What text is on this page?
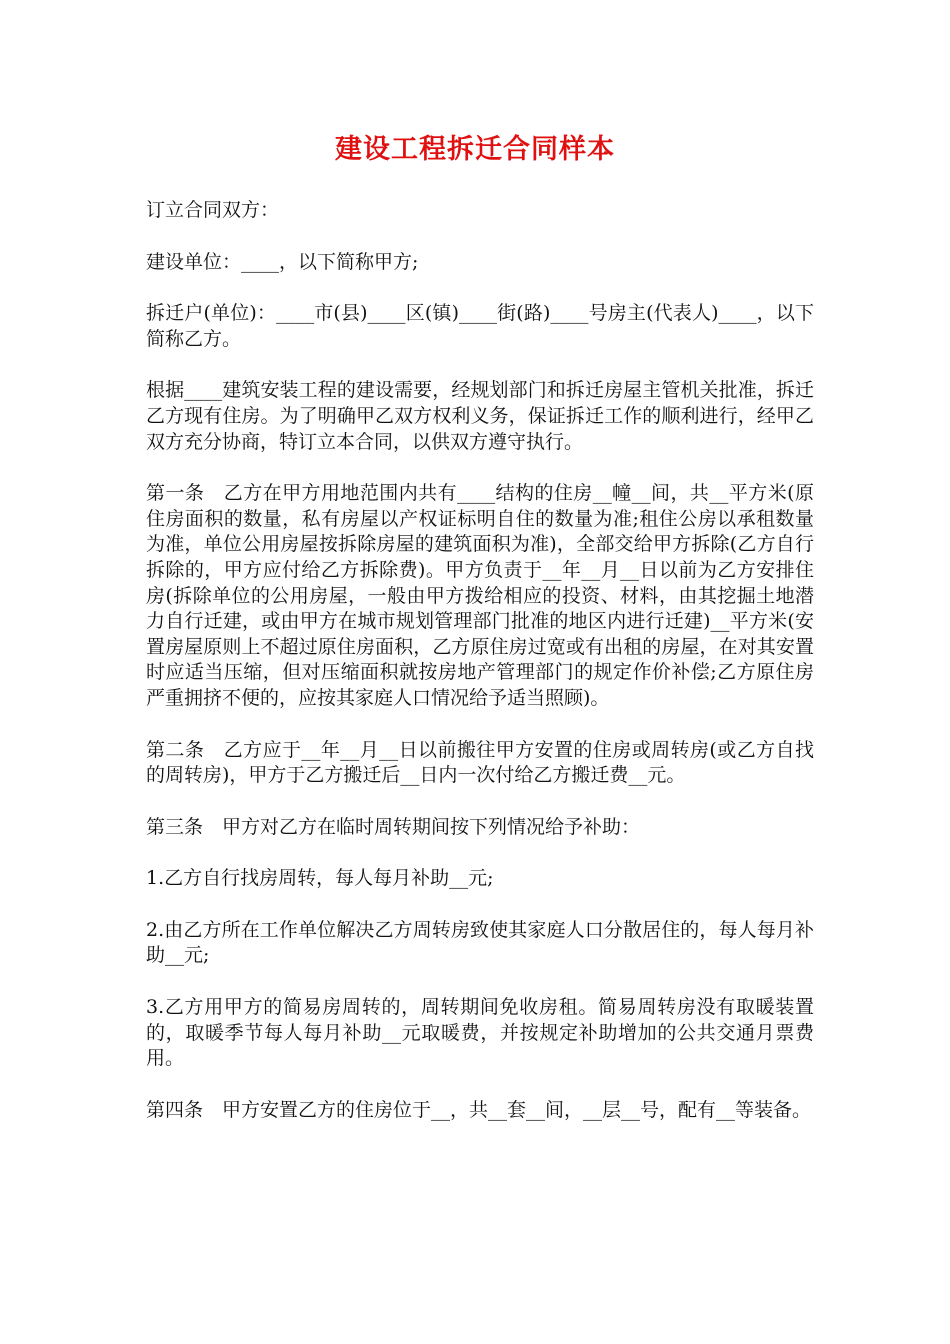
建设工程拆迁合同样本

订立合同双方：

建设单位：____，以下简称甲方;

拆迁户(单位)：____市(县)____区(镇)____街(路)____号房主(代表人)____，以下简称乙方。

根据____建筑安装工程的建设需要，经规划部门和拆迁房屋主管机关批准，拆迁乙方现有住房。为了明确甲乙双方权利义务，保证拆迁工作的顺利进行，经甲乙双方充分协商，特订立本合同，以供双方遵守执行。

第一条　乙方在甲方用地范围内共有____结构的住房__幢__间，共__平方米(原住房面积的数量，私有房屋以产权证标明自住的数量为准;租住公房以承租数量为准，单位公用房屋按拆除房屋的建筑面积为准)，全部交给甲方拆除(乙方自行拆除的，甲方应付给乙方拆除费)。甲方负责于__年__月__日以前为乙方安排住房(拆除单位的公用房屋，一般由甲方拨给相应的投资、材料，由其挖掘土地潜力自行迁建，或由甲方在城市规划管理部门批准的地区内进行迁建)__平方米(安置房屋原则上不超过原住房面积，乙方原住房过宽或有出租的房屋，在对其安置时应适当压缩，但对压缩面积就按房地产管理部门的规定作价补偿;乙方原住房严重拥挤不便的，应按其家庭人口情况给予适当照顾)。

第二条　乙方应于__年__月__日以前搬往甲方安置的住房或周转房(或乙方自找的周转房)，甲方于乙方搬迁后__日内一次付给乙方搬迁费__元。

第三条　甲方对乙方在临时周转期间按下列情况给予补助：

1.乙方自行找房周转，每人每月补助__元;

2.由乙方所在工作单位解决乙方周转房致使其家庭人口分散居住的，每人每月补助__元;

3.乙方用甲方的简易房周转的，周转期间免收房租。简易周转房没有取暖装置的，取暖季节每人每月补助__元取暖费，并按规定补助增加的公共交通月票费用。

第四条　甲方安置乙方的住房位于__，共__套__间，__层__号，配有__等装备。
